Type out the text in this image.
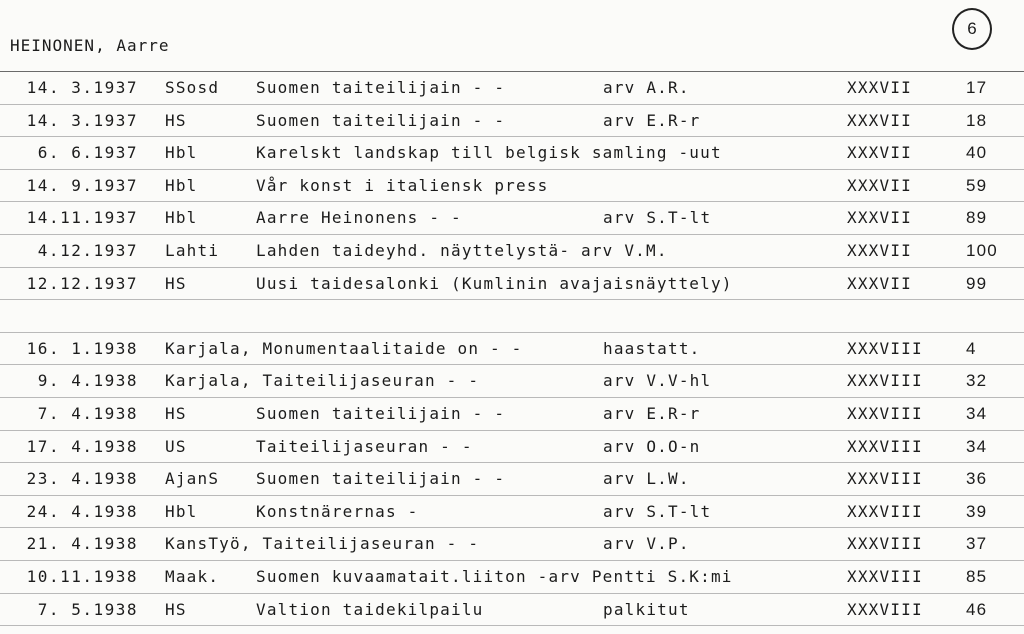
HEINONEN, Aarre
6
14. 3.1937 SSosd Suomen taiteilijain - -	arv A.R.	XXXVII	17
14. 3.1937 HS	Suomen taiteilijain - -	arv E.R-r	XXXVII	18
6. 6.1937 Hbl	Karelskt landskap till belgisk samling -uut	XXXVII	40
14. 9.1937 Hbl	Vår konst i italiensk press	XXXVII	59
14.11.1937 Hbl	Aarre Heinonens - -	arv S.T-lt	XXXVII	89
4.12.1937 Lahti Lahden taideyhd. näyttelystä- arv V.M.	XXXVII	100
12.12.1937 HS	Uusi taidesalonki (Kumlinin avajaisnäyttely)	XXXVII	99
16. 1.1938 Karjala, Monumentaalitaide on - -	haastatt.	XXXVIII	4
9. 4.1938 Karjala, Taiteilijaseuran - -	arv V.V-hl	XXXVIII	32
7. 4.1938 HS	Suomen taiteilijain - -	arv E.R-r	XXXVIII	34
17. 4.1938 US	Taiteilijaseuran - -	arv O.O-n	XXXVIII	34
23. 4.1938 AjanS Suomen taiteilijain - -	arv L.W.	XXXVIII	36
24. 4.1938 Hbl	Konstnärernas -	arv S.T-lt	XXXVIII	39
21. 4.1938 KansTyö, Taiteilijaseuran - -	arv V.P.	XXXVIII	37
10.11.1938 Maak. Suomen kuvaamatait.liiton -arv Pentti S.K:mi	XXXVIII	85
7. 5.1938 HS	Valtion taidekilpailu	palkitut	XXXVIII	46
